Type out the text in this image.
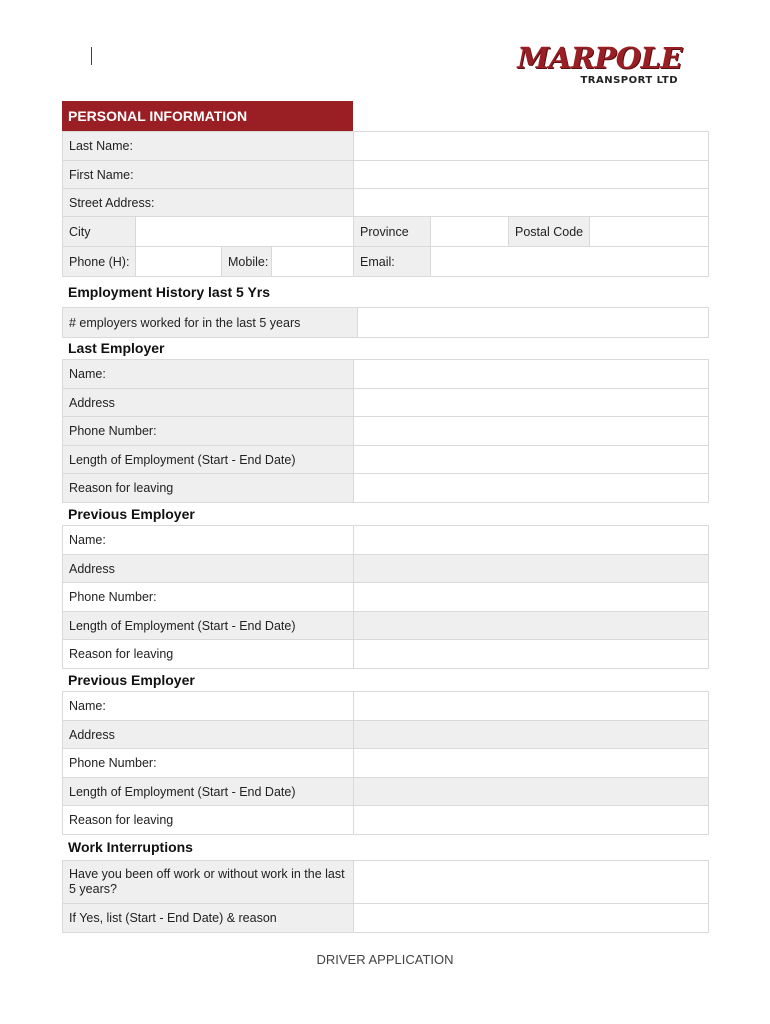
MARPOLE
TRANSPORT LTD
PERSONAL INFORMATION
Last Name:	
First Name:	
Street Address:	
City				Province		Postal Code	
Phone (H):		Mobile:		Email:			
Employment History last 5 Yrs
# employers worked for in the last 5 years	
Last Employer
Name:	
Address	
Phone Number:	
Length of Employment (Start - End Date)	
Reason for leaving	
Previous Employer
Name:	
Address	
Phone Number:	
Length of Employment (Start - End Date)	
Reason for leaving	
Previous Employer
Name:	
Address	
Phone Number:	
Length of Employment (Start - End Date)	
Reason for leaving	
Work Interruptions
Have you been off work or without work in the last 5 years?	
If Yes, list (Start - End Date) & reason	
DRIVER APPLICATION
